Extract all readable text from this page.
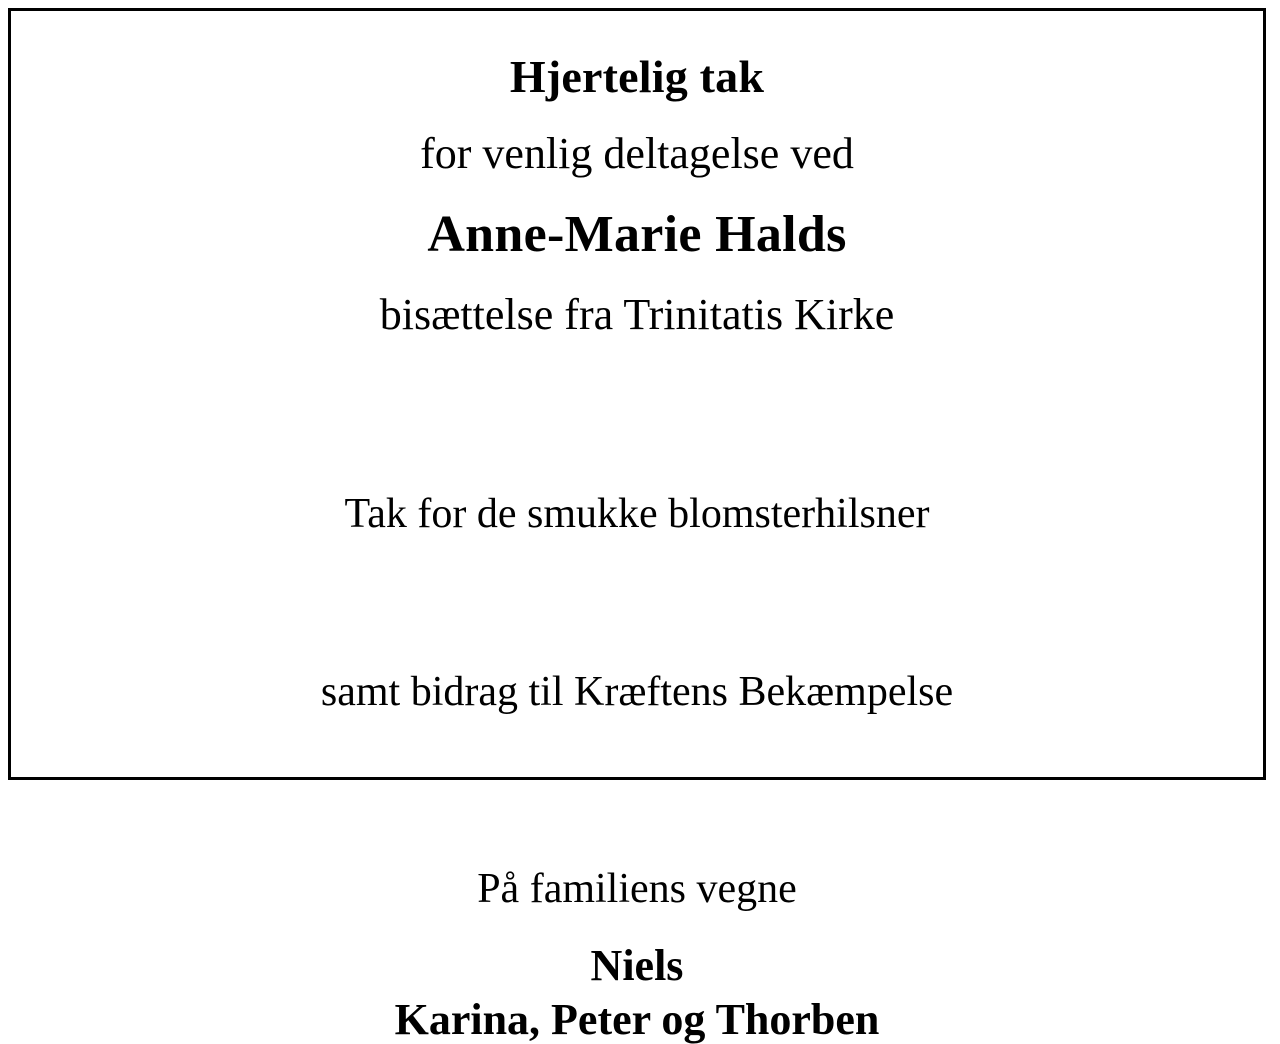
Hjertelig tak
for venlig deltagelse ved
Anne-Marie Halds
bisættelse fra Trinitatis Kirke

Tak for de smukke blomsterhilsner

samt bidrag til Kræftens Bekæmpelse

På familiens vegne
Niels
Karina, Peter og Thorben
